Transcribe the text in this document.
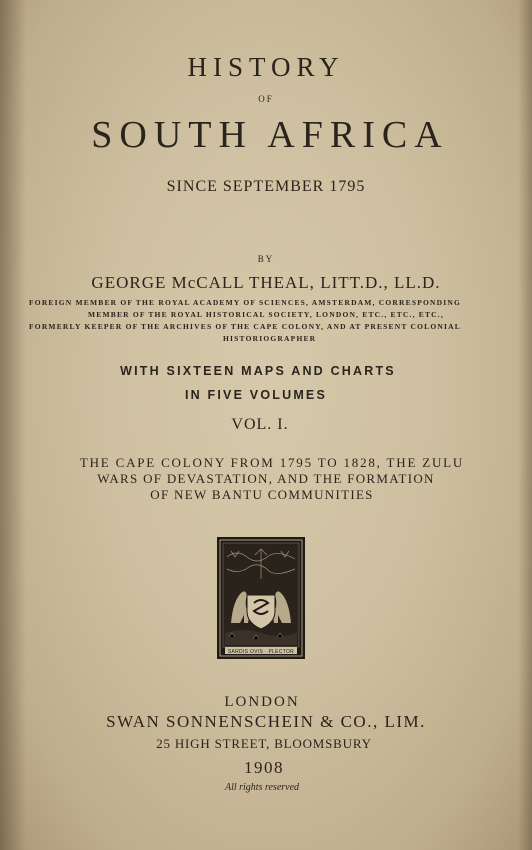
HISTORY
OF
SOUTH AFRICA
SINCE SEPTEMBER 1795
BY
GEORGE McCALL THEAL, LITT.D., LL.D.
FOREIGN MEMBER OF THE ROYAL ACADEMY OF SCIENCES, AMSTERDAM, CORRESPONDING
MEMBER OF THE ROYAL HISTORICAL SOCIETY, LONDON, ETC., ETC., ETC.,
FORMERLY KEEPER OF THE ARCHIVES OF THE CAPE COLONY, AND AT PRESENT COLONIAL
HISTORIOGRAPHER
WITH SIXTEEN MAPS AND CHARTS
IN FIVE VOLUMES
VOL. I.
THE CAPE COLONY FROM 1795 TO 1828, THE ZULU
WARS OF DEVASTATION, AND THE FORMATION
OF NEW BANTU COMMUNITIES
SARDIS OVIS · PLECTOR
LONDON
SWAN SONNENSCHEIN & CO., LIM.
25 HIGH STREET, BLOOMSBURY
1908
All rights reserved
